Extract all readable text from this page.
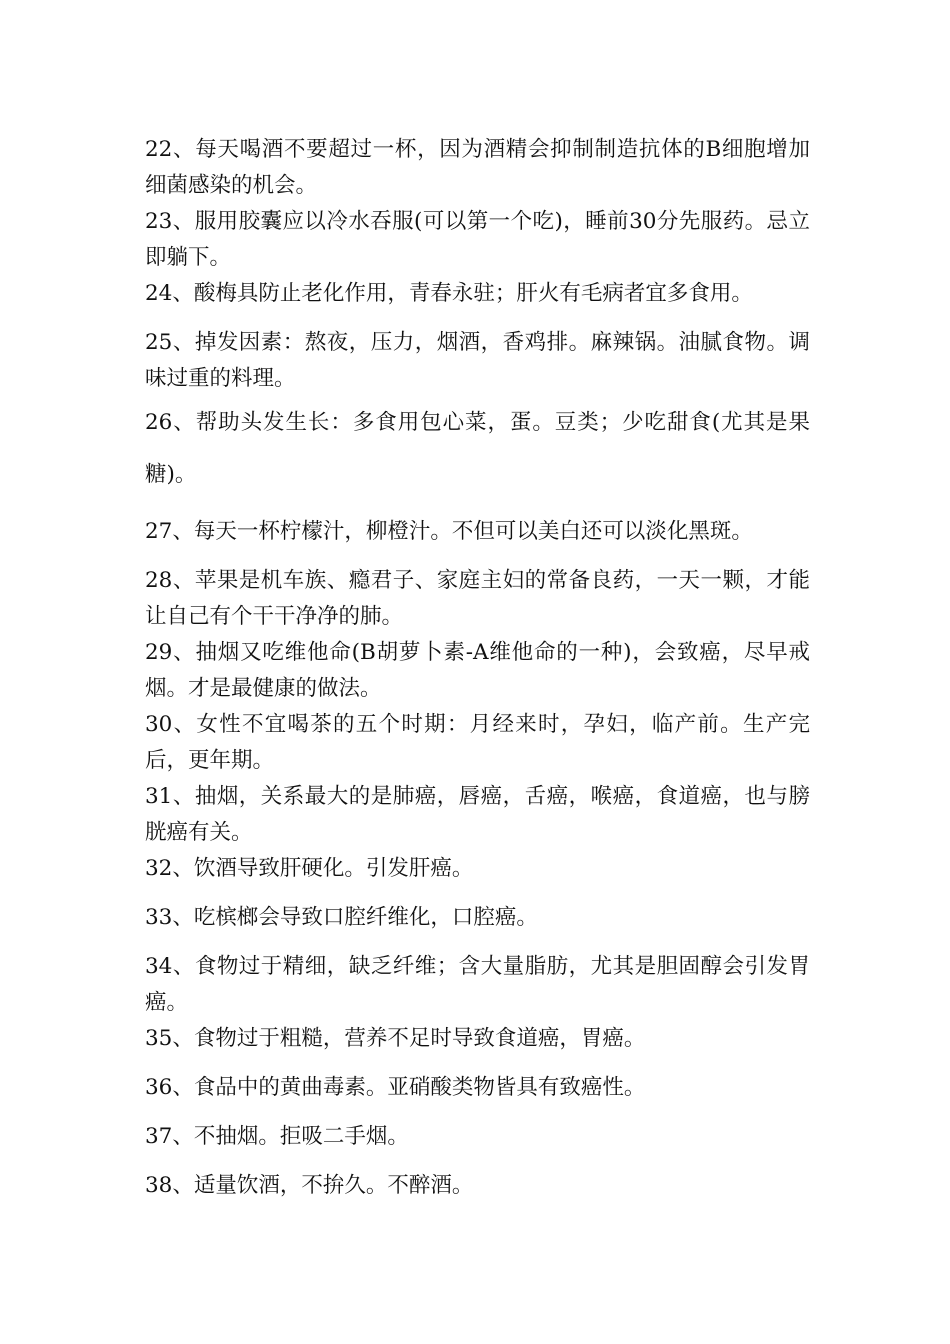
22、每天喝酒不要超过一杯，因为酒精会抑制制造抗体的B细胞增加细菌感染的机会。

23、服用胶囊应以冷水吞服(可以第一个吃)，睡前30分先服药。忌立即躺下。

24、酸梅具防止老化作用，青春永驻；肝火有毛病者宜多食用。

25、掉发因素：熬夜，压力，烟酒，香鸡排。麻辣锅。油腻食物。调味过重的料理。

26、帮助头发生长：多食用包心菜，蛋。豆类；少吃甜食(尤其是果糖)。

27、每天一杯柠檬汁，柳橙汁。不但可以美白还可以淡化黑斑。

28、苹果是机车族、瘾君子、家庭主妇的常备良药，一天一颗，才能让自己有个干干净净的肺。

29、抽烟又吃维他命(B胡萝卜素-A维他命的一种)，会致癌，尽早戒烟。才是最健康的做法。

30、女性不宜喝茶的五个时期：月经来时，孕妇，临产前。生产完后，更年期。

31、抽烟，关系最大的是肺癌，唇癌，舌癌，喉癌，食道癌，也与膀胱癌有关。

32、饮酒导致肝硬化。引发肝癌。

33、吃槟榔会导致口腔纤维化，口腔癌。

34、食物过于精细，缺乏纤维；含大量脂肪，尤其是胆固醇会引发胃癌。

35、食物过于粗糙，营养不足时导致食道癌，胃癌。

36、食品中的黄曲毒素。亚硝酸类物皆具有致癌性。

37、不抽烟。拒吸二手烟。

38、适量饮酒，不拚久。不醉酒。
